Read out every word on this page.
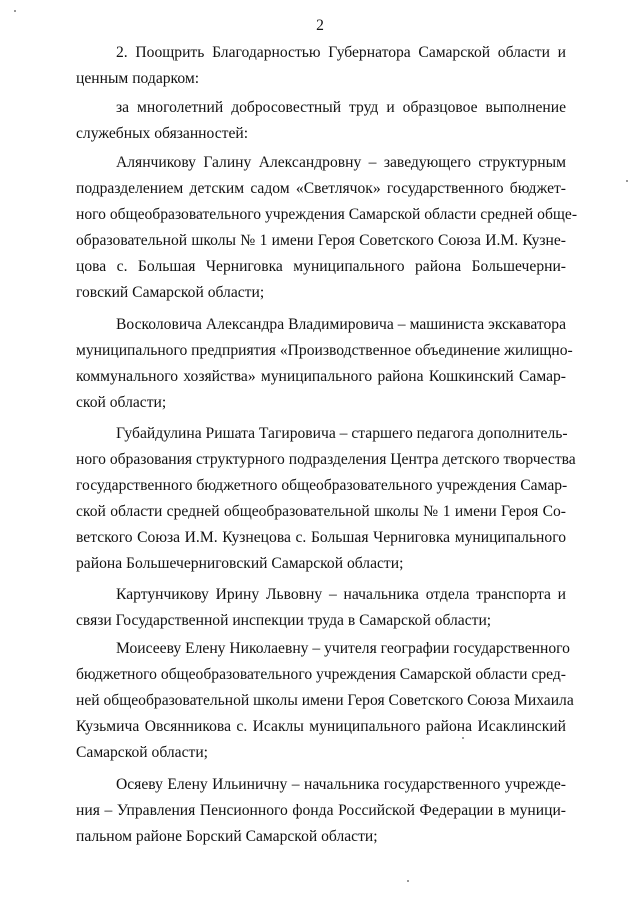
2
2. Поощрить Благодарностью Губернатора Самарской области и
ценным подарком:
за многолетний добросовестный труд и образцовое выполнение
служебных обязанностей:
Алянчикову Галину Александровну – заведующего структурным
подразделением детским садом «Светлячок» государственного бюджет-
ного общеобразовательного учреждения Самарской области средней обще-
образовательной школы № 1 имени Героя Советского Союза И.М. Кузне-
цова с. Большая Черниговка муниципального района Большечерни-
говский Самарской области;
Восколовича Александра Владимировича – машиниста экскаватора
муниципального предприятия «Производственное объединение жилищно-
коммунального хозяйства» муниципального района Кошкинский Самар-
ской области;
Губайдулина Ришата Тагировича – старшего педагога дополнитель-
ного образования структурного подразделения Центра детского творчества
государственного бюджетного общеобразовательного учреждения Самар-
ской области средней общеобразовательной школы № 1 имени Героя Со-
ветского Союза И.М. Кузнецова с. Большая Черниговка муниципального
района Большечерниговский Самарской области;
Картунчикову Ирину Львовну – начальника отдела транспорта и
связи Государственной инспекции труда в Самарской области;
Моисееву Елену Николаевну – учителя географии государственного
бюджетного общеобразовательного учреждения Самарской области сред-
ней общеобразовательной школы имени Героя Советского Союза Михаила
Кузьмича Овсянникова с. Исаклы муниципального района Исаклинский
Самарской области;
Осяеву Елену Ильиничну – начальника государственного учрежде-
ния – Управления Пенсионного фонда Российской Федерации в муници-
пальном районе Борский Самарской области;
